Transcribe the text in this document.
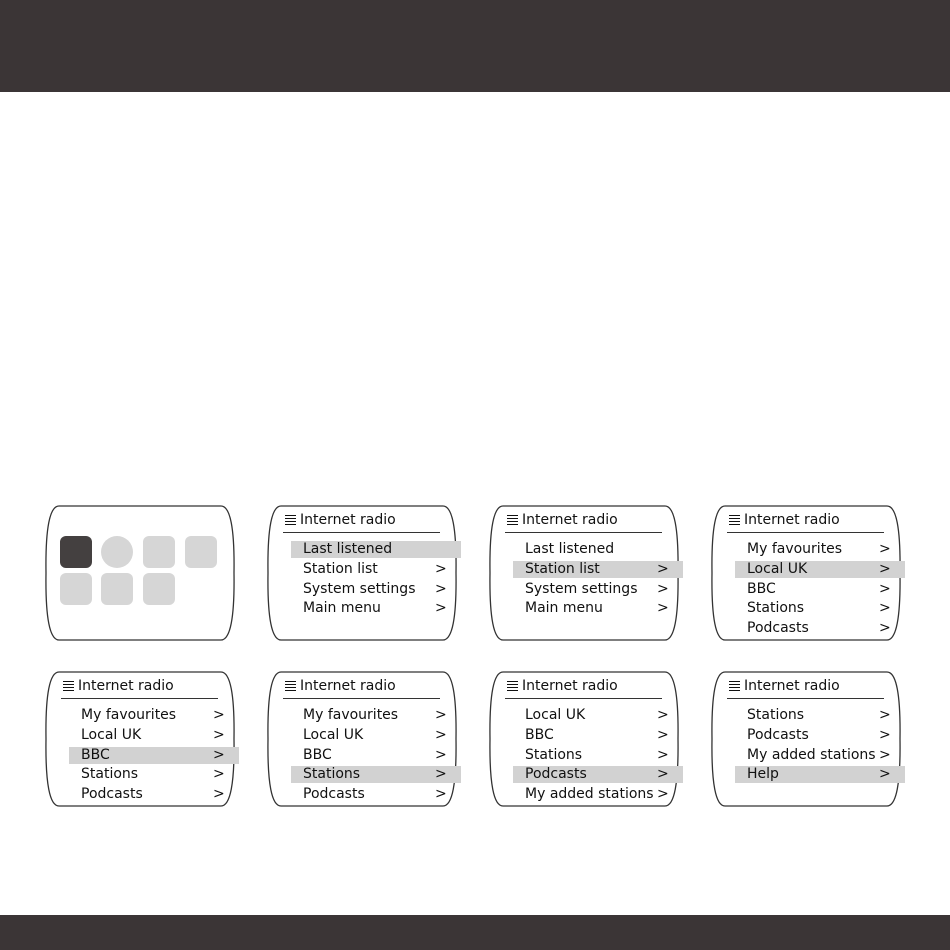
Internet radio
Last listened
Station list	>
System settings >
Main menu	>
Internet radio
Last listened
Station list	>
System settings >
Main menu	>
Internet radio
My favourites	>
Local UK	>
BBC	>
Stations	>
Podcasts	>
Internet radio
My favourites	>
Local UK	>
BBC	>
Stations	>
Podcasts	>
Internet radio
My favourites	>
Local UK	>
BBC	>
Stations	>
Podcasts	>
Internet radio
Local UK	>
BBC	>
Stations	>
Podcasts	>
My added stations >
Internet radio
Stations	>
Podcasts	>
My added stations >
Help	>
